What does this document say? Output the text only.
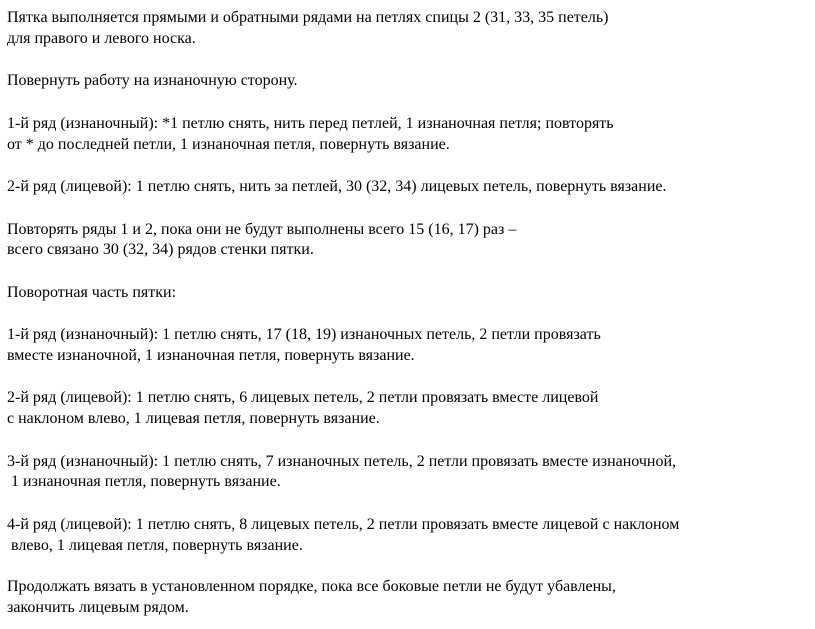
Пятка выполняется прямыми и обратными рядами на петлях спицы 2 (31, 33, 35 петель)
для правого и левого носка.
Повернуть работу на изнаночную сторону.
1-й ряд (изнаночный): *1 петлю снять, нить перед петлей, 1 изнаночная петля; повторять
от * до последней петли, 1 изнаночная петля, повернуть вязание.
2-й ряд (лицевой): 1 петлю снять, нить за петлей, 30 (32, 34) лицевых петель, повернуть вязание.
Повторять ряды 1 и 2, пока они не будут выполнены всего 15 (16, 17) раз –
всего связано 30 (32, 34) рядов стенки пятки.
Поворотная часть пятки:
1-й ряд (изнаночный): 1 петлю снять, 17 (18, 19) изнаночных петель, 2 петли провязать
вместе изнаночной, 1 изнаночная петля, повернуть вязание.
2-й ряд (лицевой): 1 петлю снять, 6 лицевых петель, 2 петли провязать вместе лицевой
с наклоном влево, 1 лицевая петля, повернуть вязание.
3-й ряд (изнаночный): 1 петлю снять, 7 изнаночных петель, 2 петли провязать вместе изнаночной,
1 изнаночная петля, повернуть вязание.
4-й ряд (лицевой): 1 петлю снять, 8 лицевых петель, 2 петли провязать вместе лицевой с наклоном
влево, 1 лицевая петля, повернуть вязание.
Продолжать вязать в установленном порядке, пока все боковые петли не будут убавлены,
закончить лицевым рядом.
